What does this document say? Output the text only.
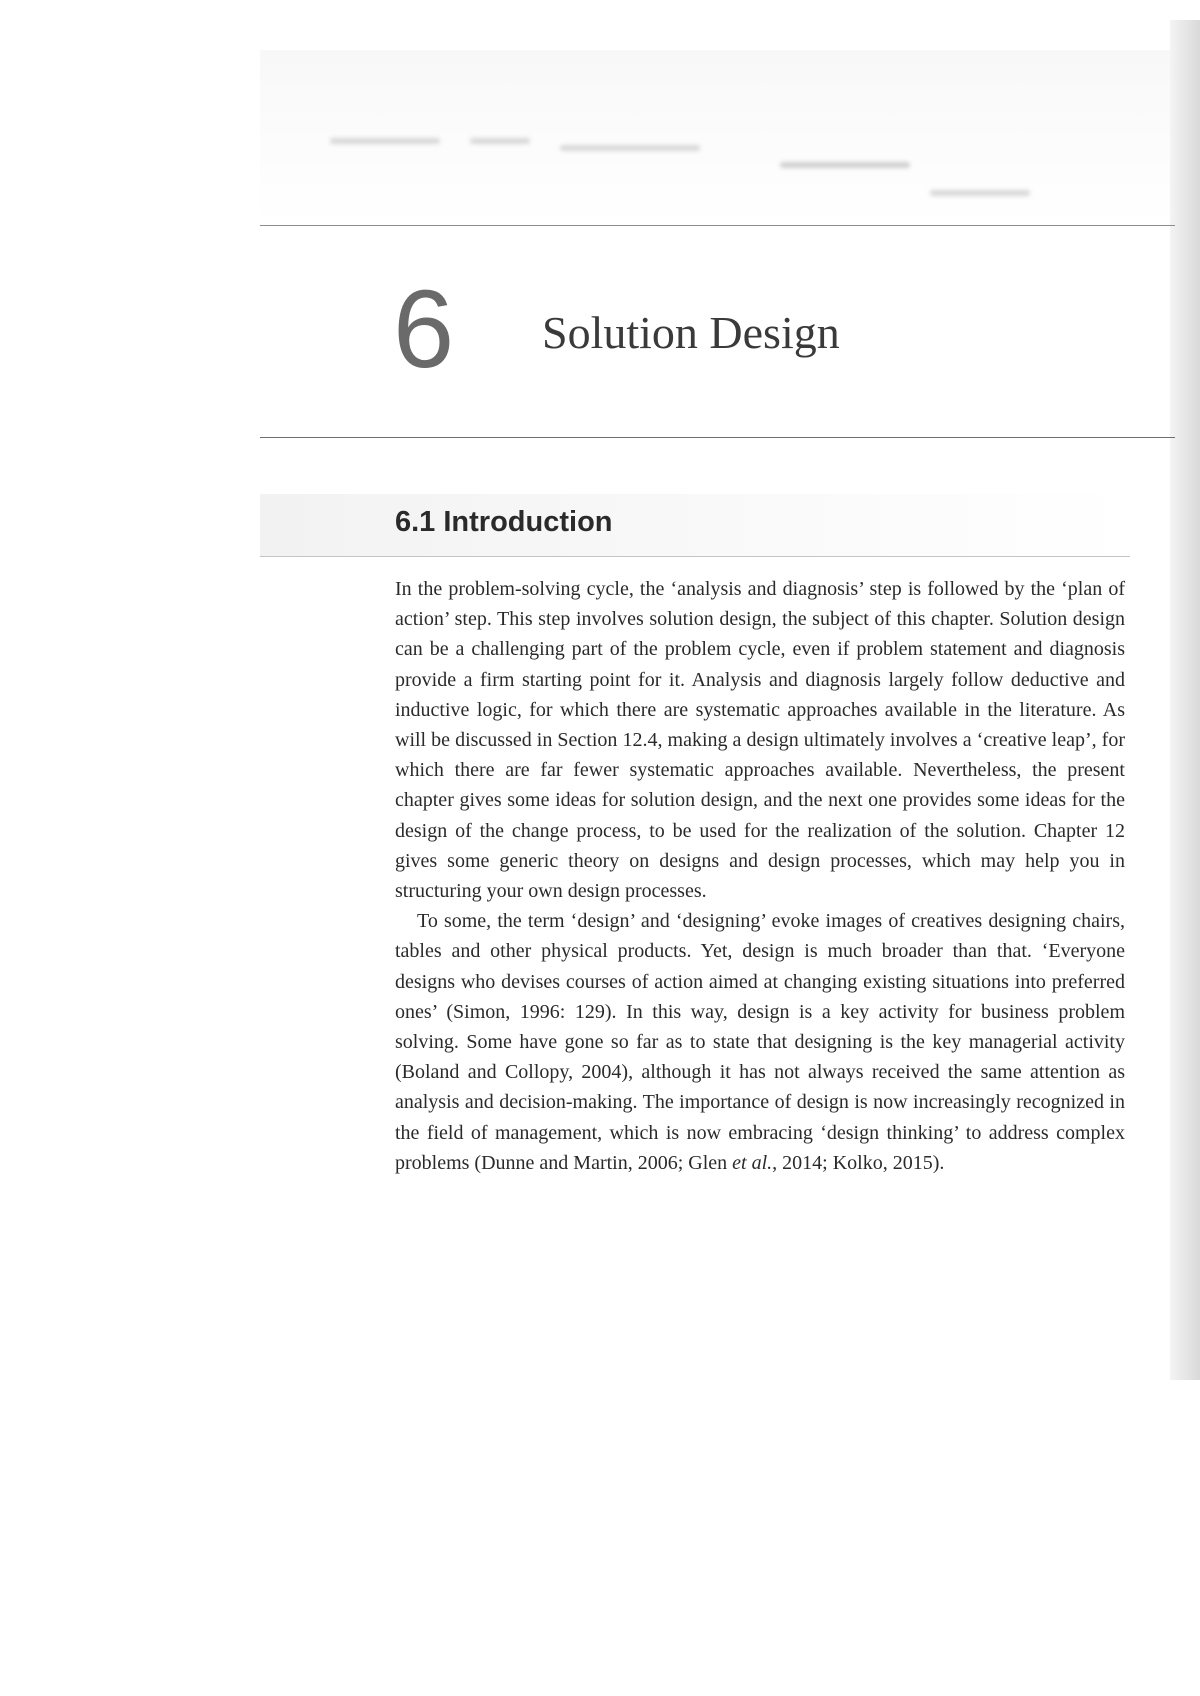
6 Solution Design
6.1 Introduction

In the problem-solving cycle, the ‘analysis and diagnosis’ step is followed by the ‘plan of action’ step. This step involves solution design, the subject of this chapter. Solution design can be a challenging part of the problem cycle, even if problem statement and diagnosis provide a firm starting point for it. Analysis and diagnosis largely follow deductive and inductive logic, for which there are systematic approaches available in the literature. As will be discussed in Section 12.4, making a design ultimately involves a ‘creative leap’, for which there are far fewer systematic approaches available. Nevertheless, the present chapter gives some ideas for solution design, and the next one provides some ideas for the design of the change process, to be used for the realization of the solution. Chapter 12 gives some generic theory on designs and design processes, which may help you in structuring your own design processes.

To some, the term ‘design’ and ‘designing’ evoke images of creatives designing chairs, tables and other physical products. Yet, design is much broader than that. ‘Everyone designs who devises courses of action aimed at changing existing situations into preferred ones’ (Simon, 1996: 129). In this way, design is a key activity for business problem solving. Some have gone so far as to state that designing is the key managerial activity (Boland and Collopy, 2004), although it has not always received the same attention as analysis and decision-making. The importance of design is now increasingly recognized in the field of management, which is now embracing ‘design thinking’ to address complex problems (Dunne and Martin, 2006; Glen et al., 2014; Kolko, 2015).
